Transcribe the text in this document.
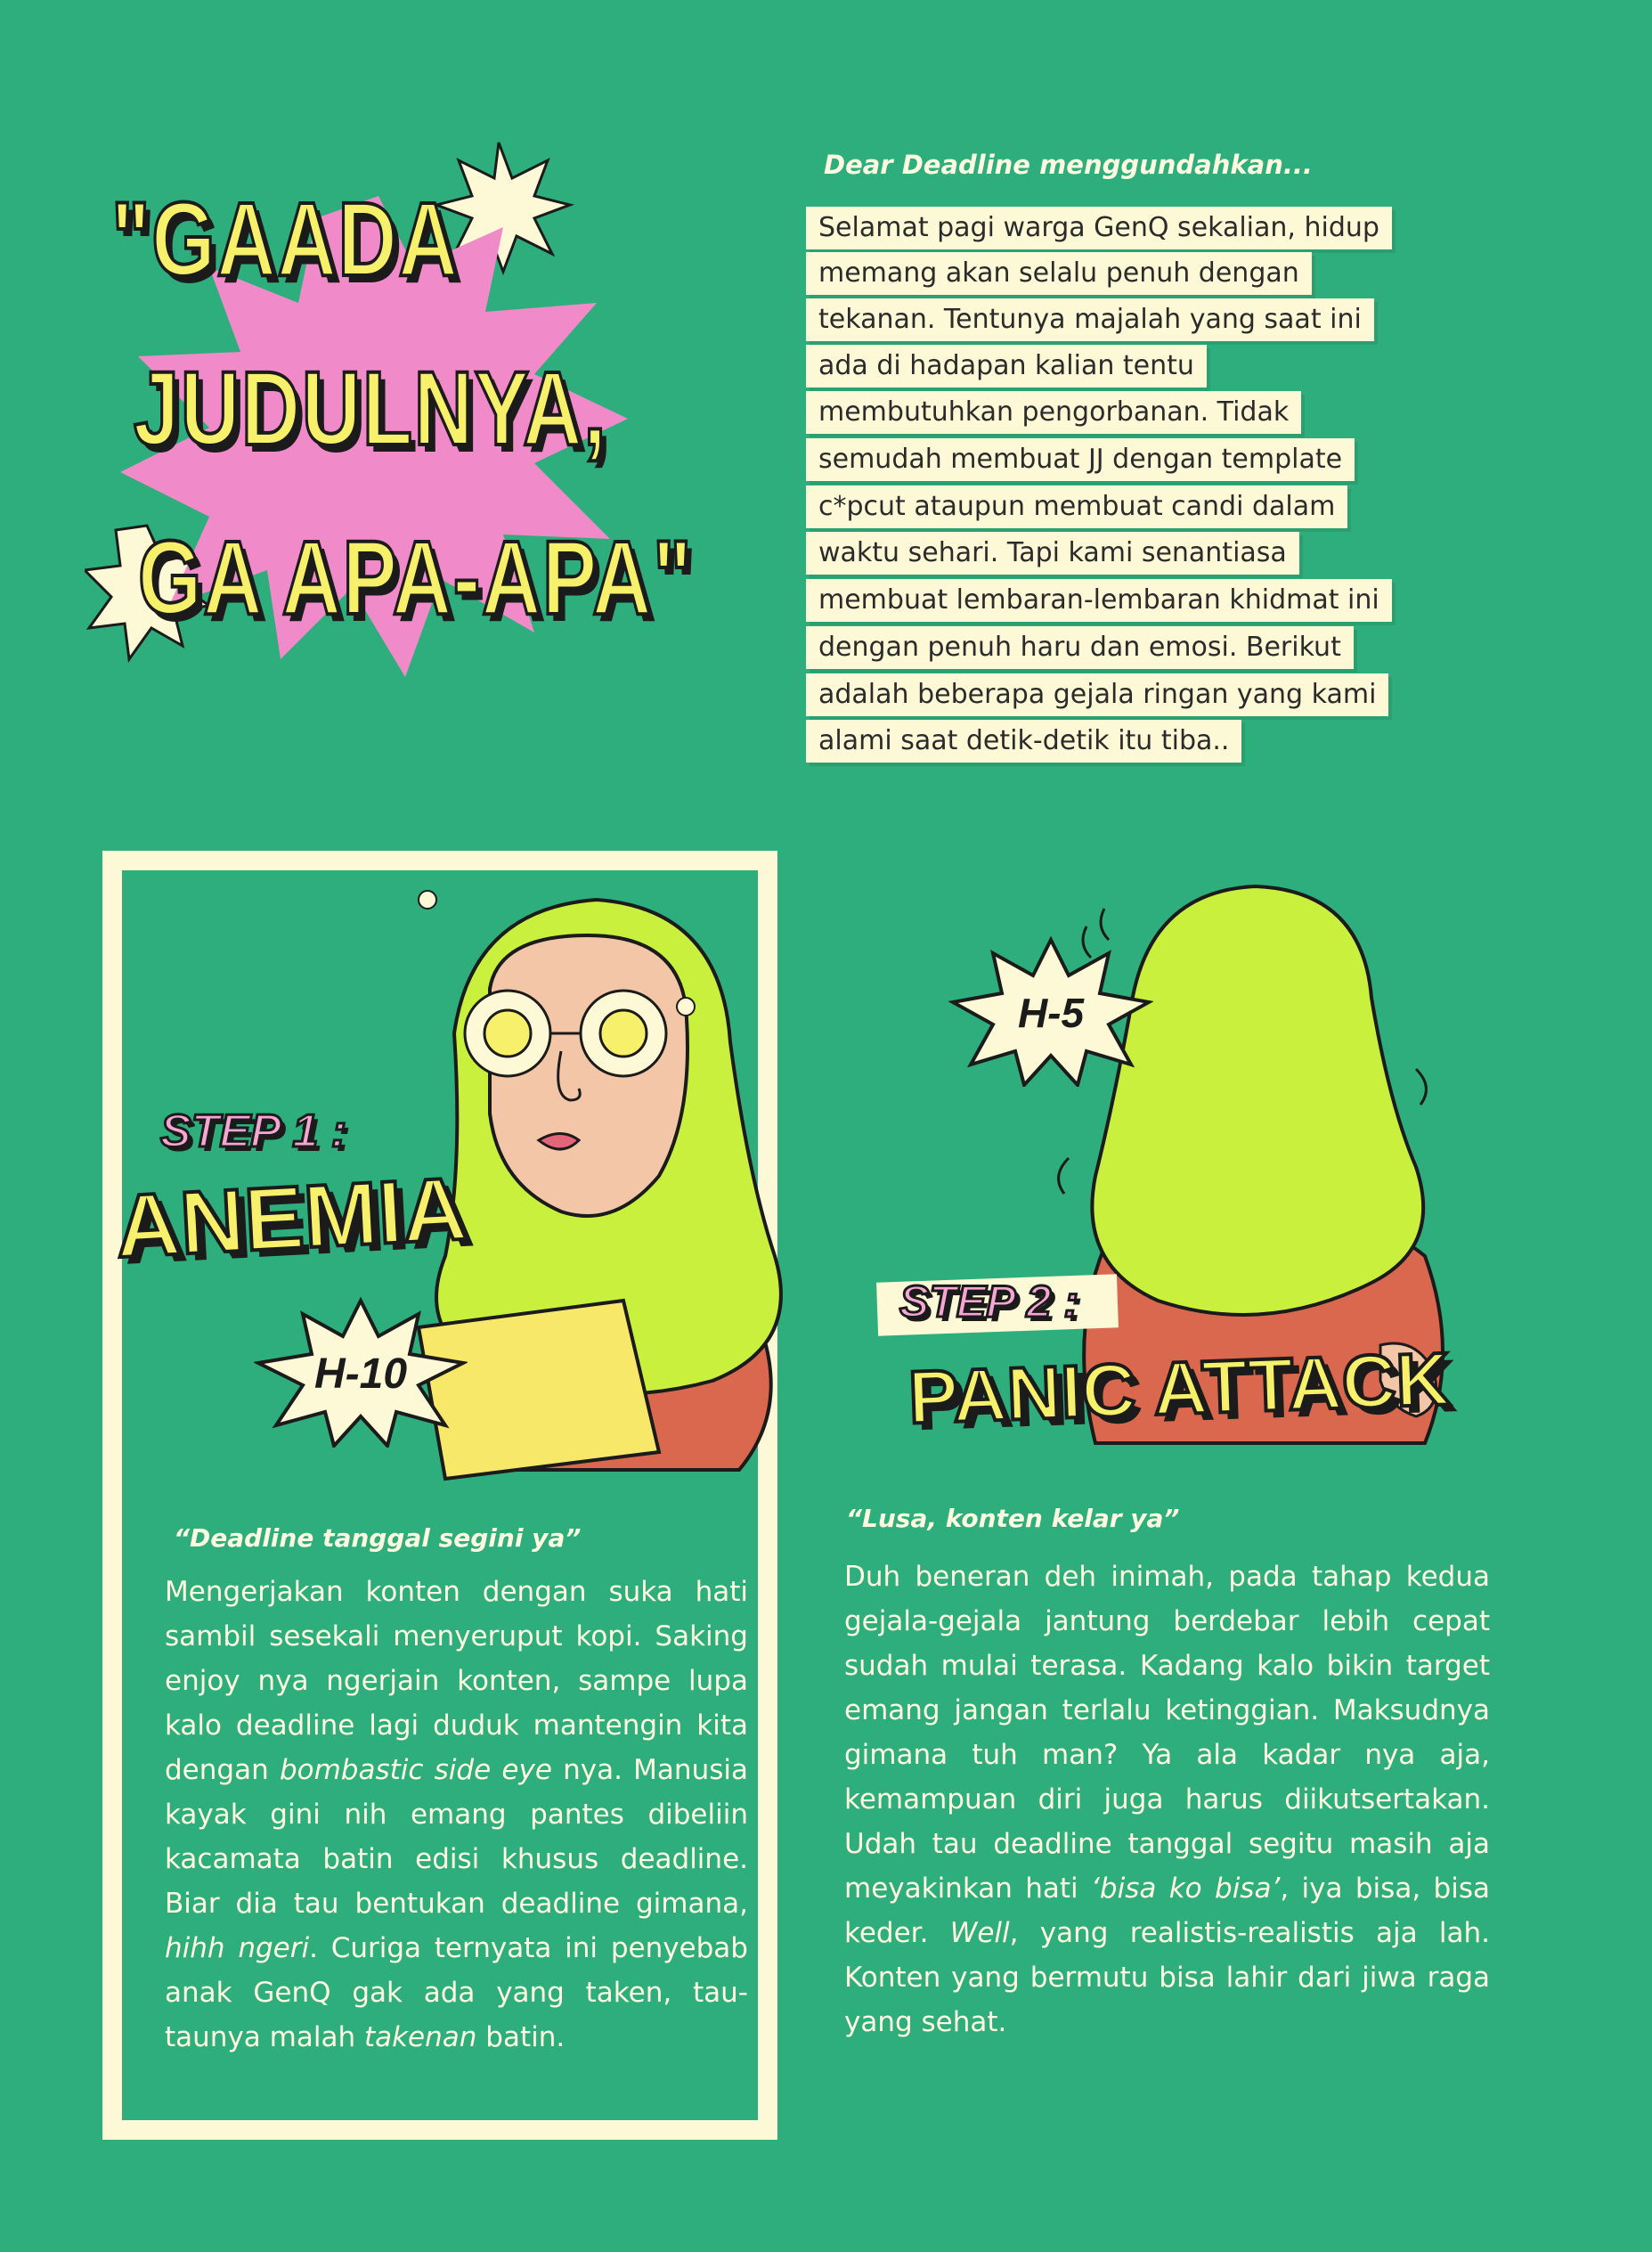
"GAADA
JUDULNYA,
GA APA-APA"
Dear Deadline menggundahkan...
Selamat pagi warga GenQ sekalian, hidup
memang akan selalu penuh dengan
tekanan. Tentunya majalah yang saat ini
ada di hadapan kalian tentu
membutuhkan pengorbanan. Tidak
semudah membuat JJ dengan template
c*pcut ataupun membuat candi dalam
waktu sehari. Tapi kami senantiasa
membuat lembaran-lembaran khidmat ini
dengan penuh haru dan emosi. Berikut
adalah beberapa gejala ringan yang kami
alami saat detik-detik itu tiba..
STEP 1 :
ANEMIA
H-10
“Deadline tanggal segini ya”
Mengerjakan konten dengan suka hati sambil sesekali menyeruput kopi. Saking enjoy nya ngerjain konten, sampe lupa kalo deadline lagi duduk mantengin kita dengan bombastic side eye nya. Manusia kayak gini nih emang pantes dibeliin kacamata batin edisi khusus deadline. Biar dia tau bentukan deadline gimana, hihh ngeri. Curiga ternyata ini penyebab anak GenQ gak ada yang taken, tau-taunya malah takenan batin.
H-5
STEP 2 :
PANIC ATTACK
“Lusa, konten kelar ya”
Duh beneran deh inimah, pada tahap kedua gejala-gejala jantung berdebar lebih cepat sudah mulai terasa. Kadang kalo bikin target emang jangan terlalu ketinggian. Maksudnya gimana tuh man? Ya ala kadar nya aja, kemampuan diri juga harus diikutsertakan. Udah tau deadline tanggal segitu masih aja meyakinkan hati ‘bisa ko bisa’, iya bisa, bisa keder. Well, yang realistis-realistis aja lah. Konten yang bermutu bisa lahir dari jiwa raga yang sehat.
